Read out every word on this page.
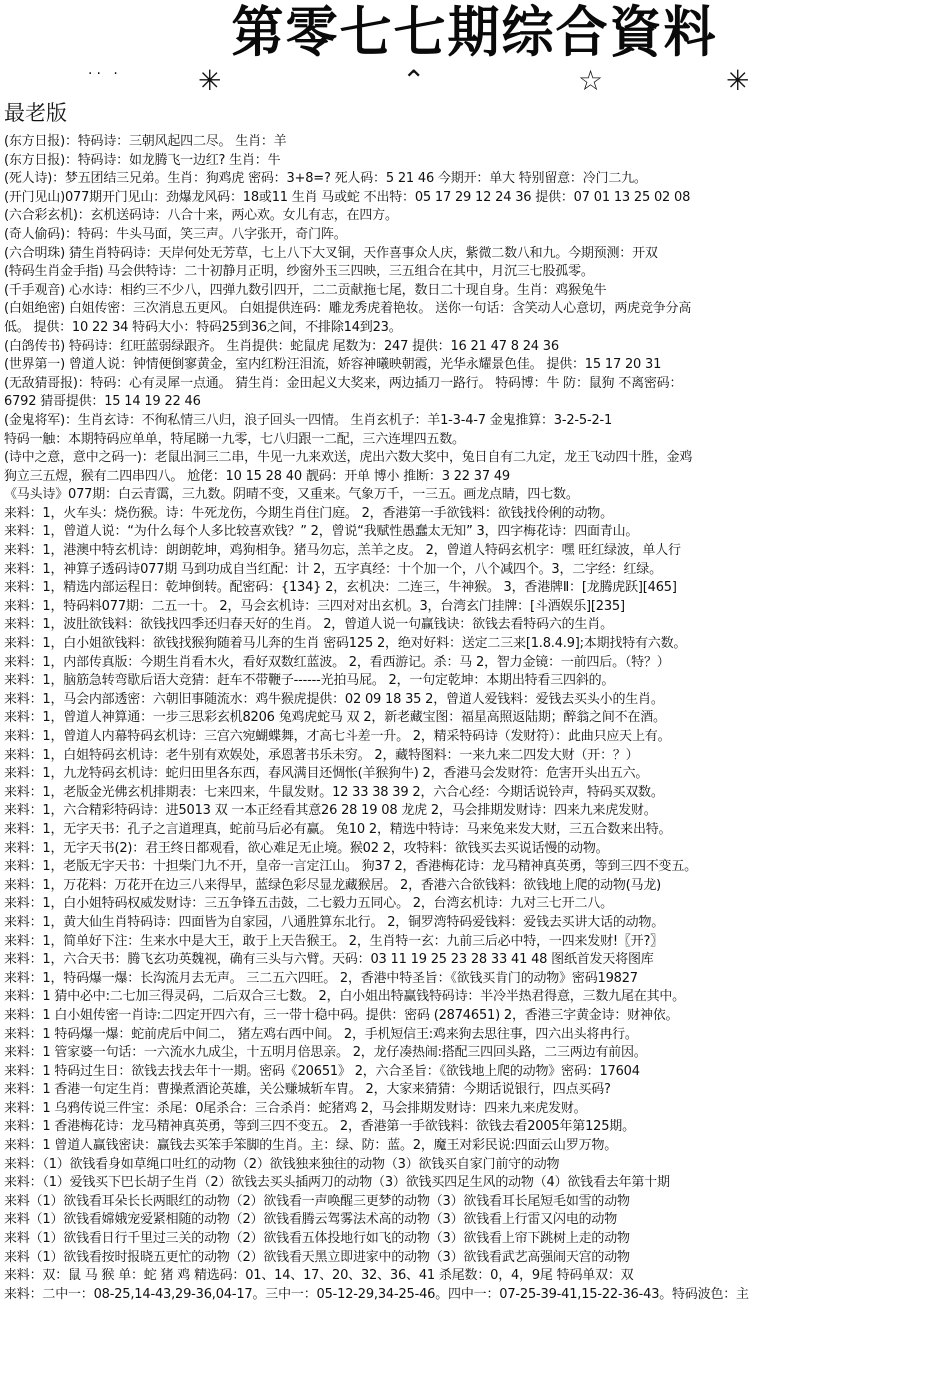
第零七七期综合資料
·· ·	✳	⌃	☆	✳
最老版
(东方日报)：特码诗：三朝风起四二尽。 生肖：羊
(东方日报)：特码诗：如龙腾飞一边红? 生肖：牛
(死人诗)：梦五团结三兄弟。生肖：狗鸡虎 密码：3+8=? 死人码：5 21 46 今期开：单大 特别留意：冷门二九。
(开门见山)077期开门见山：劲爆龙风码：18或11 生肖 马或蛇 不出特：05 17 29 12 24 36 提供：07 01 13 25 02 08
(六合彩玄机)：玄机送码诗：八合十来，两心欢。女儿有志，在四方。
(奇人偷码)：特码：牛头马面，笑三声。八字张开，奇门阵。
(六合明珠) 猜生肖特码诗：天岸何处无芳草，七上八下大叉铜，天作喜事众人庆，紫微二数八和九。今期预测：开双
(特码生肖金手指) 马会供特诗：二十初静月正明，纱窗外玉三四映，三五组合在其中，月沉三七股孤零。
(千手观音) 心水诗：相约三不少八，四弹九数引四开，二二贡献拖七尾，数日二十现自身。生肖：鸡猴兔牛
(白姐绝密) 白姐传密：三次消息五更风。 白姐提供连码：雕龙秀虎着艳妆。 送你一句话：含笑动人心意切，两虎竞争分高
低。 提供：10 22 34 特码大小：特码25到36之间，不排除14到23。
(白鸽传书) 特码诗：红旺蓝弱绿跟齐。 生肖提供：蛇鼠虎 尾数为：247 提供：16 21 47 8 24 36
(世界第一) 曾道人说：钟情便倒寥黄金，室内红粉汪泪流，娇容神曦映朝霞，光华永耀景色佳。 提供：15 17 20 31
(无敌猜哥报)：特码：心有灵犀一点通。 猜生肖：金田起义大奖来，两边插刀一路行。 特码博：牛 防：鼠狗 不离密码：
6792 猜哥提供：15 14 19 22 46
(金鬼将军)：生肖玄诗：不徇私情三八归，浪子回头一四情。 生肖玄机子：羊1-3-4-7 金鬼推算：3-2-5-2-1
特码一触：本期特码应单单，特尾睇一九零，七八归跟一二配，三六连埋四五数。
(诗中之意，意中之码一)：老鼠出洞三二串，牛见一九来欢送，虎出六数大奖中，兔日自有二九定，龙王飞动四十胜，金鸡
狗立三五煜，猴有二四串四八。 尬佬：10 15 28 40 靓码：开单 博小 推断：3 22 37 49
《马头诗》077期：白云青霭，三九数。阴晴不变，又重来。气象万千，一三五。画龙点睛，四七数。
来料：1，火车头：烧伤猴。诗：牛死龙伤，今期生肖住门庭。 2，香港第一手欲钱料：欲钱找伶俐的动物。
来料：1，曾道人说：“为什么每个人多比较喜欢钱？” 2，曾说“我赋性愚蠢太无知” 3，四字梅花诗：四面青山。
来料：1，港澳中特玄机诗：朗朗乾坤，鸡狗相争。猪马勿忘，羔羊之皮。 2，曾道人特码玄机字：嘿 旺红绿波，单人行
来料：1，神算子透码诗077期 马到功成自当红配：计 2，五字真经：十个加一个，八个减四个。3，二字经：红绿。
来料：1，精选内部运程日：乾坤倒转。配密码：{134} 2，玄机决：二连三，牛神猴。 3，香港牌Ⅱ：[龙腾虎跃][465]
来料：1，特码料077期：二五一十。 2，马会玄机诗：三四对对出玄机。3，台湾玄门挂牌：[斗酒娱乐][235]
来料：1，波肚欲钱料：欲钱找四季还归春天好的生肖。 2，曾道人说一句赢钱诀：欲钱去看特码六的生肖。
来料：1，白小姐欲钱料：欲钱找猴狗随着马儿奔的生肖 密码125 2，绝对好料：送定二三来[1.8.4.9];本期找特有六数。
来料：1，内部传真版：今期生肖看木火，看好双数红蓝波。 2，看西游记。杀：马 2，智力金镜：一前四后。（特？）
来料：1，脑筋急转弯歇后语大竞猜：赶车不带鞭子------光拍马屁。 2，一句定乾坤：本期出特看三四斜的。
来料：1，马会内部透密：六朝旧事随流水：鸡牛猴虎提供：02 09 18 35 2，曾道人爱钱料：爱钱去买头小的生肖。
来料：1，曾道人神算通：一步三思彩玄机8206 兔鸡虎蛇马 双 2，新老藏宝图：福星高照返陆期；醉翁之间不在酒。
来料：1，曾道人内幕特码玄机诗：三宫六宛蝴蝶舞，才高七斗差一升。 2，精采特码诗（发财符）：此曲只应天上有。
来料：1，白姐特码玄机诗：老牛别有欢娱处，承恩著书乐未穷。 2，藏特图料：一来九来二四发大财（开：？）
来料：1，九龙特码玄机诗：蛇归田里各东西，春风满目还惆怅(羊猴狗牛) 2，香港马会发财符：危害开头出五六。
来料：1，老版金光佛玄机排期表：七来四来，牛鼠发财。12 33 38 39 2，六合心经：今期话说铃声，特码买双数。
来料：1，六合精彩特码诗：进5013 双 一本正经看其意26 28 19 08 龙虎 2，马会排期发财诗：四来九来虎发财。
来料：1，无字天书：孔子之言道理真，蛇前马后必有赢。 兔10 2，精选中特诗：马来兔来发大财，三五合数来出特。
来料：1，无字天书(2)：君王终日都观看，欲心难足无止境。猴02 2，攻特料：欲钱买去买说话慢的动物。
来料：1，老版无字天书：十担柴门九不开，皇帝一言定江山。 狗37 2，香港梅花诗：龙马精神真英勇，等到三四不变五。
来料：1，万花料：万花开在边三八来得早，蓝绿色彩尽显龙藏猴居。 2，香港六合欲钱料：欲钱地上爬的动物(马龙)
来料：1，白小姐特码权威发财诗：三五争锋五击鼓，二七毅力五同心。 2，台湾玄机诗：九对三七开二八。
来料：1，黄大仙生肖特码诗：四面皆为自家园，八通胜算东北行。 2，铜罗湾特码爱钱料：爱钱去买讲大话的动物。
来料：1，简单好下注：生来水中是大王，敢于上天告猴王。 2，生肖特一玄：九前三后必中特，一四来发财!〖开?〗
来料：1，六合天书：腾飞玄功英魏视，确有三头与六臂。天码：03 11 19 25 23 28 33 41 48 图纸首发天将图库
来料：1，特码爆一爆：长沟流月去无声。 三二五六四旺。 2，香港中特圣旨：《欲钱买肯门的动物》密码19827
来料：1 猜中必中:二七加三得灵码，二后双合三七数。 2，白小姐出特赢钱特码诗：半冷半热君得意，三数九尾在其中。
来料：1 白小姐传密一肖诗:二四定开四六有，三一带十稳中码。提供：密码 (2874651) 2，香港三字黄金诗：财神依。
来料：1 特码爆一爆：蛇前虎后中间二， 猪左鸡右西中间。 2，手机短信王:鸡来狗去思往事，四六出头将冉行。
来料：1 管家婆一句话：一六流水九成尘，十五明月倍思亲。 2，龙仔凑热闹:搭配三四回头路，二三两边有前因。
来料：1 特码过生日：欲钱去找去年十一期。密码《20651》 2，六合圣旨：《欲钱地上爬的动物》密码：17604
来料：1 香港一句定生肖：曹操煮酒论英雄，关公赚城斩车胄。 2，大家来猜猜：今期话说银行，四点买码?
来料：1 乌鸦传说三件宝：杀尾：0尾杀合：三合杀肖：蛇猪鸡 2，马会排期发财诗：四来九来虎发财。
来料：1 香港梅花诗：龙马精神真英勇，等到三四不变五。 2，香港第一手欲钱料：欲钱去看2005年第125期。
来料：1 曾道人赢钱密诀：赢钱去买笨手笨脚的生肖。主：绿、防：蓝。2，魔王对彩民说:四面云山罗万物。
来料：（1）欲钱看身如草绳口吐红的动物（2）欲钱独来独往的动物（3）欲钱买自家门前守的动物
来料：（1）爱钱买下巴长胡子生肖（2）欲钱去买头插两刀的动物（3）欲钱买四足生风的动物（4）欲钱看去年第十期
来料（1）欲钱看耳朵长长两眼红的动物（2）欲钱看一声唤醒三更梦的动物（3）欲钱看耳长尾短毛如雪的动物
来料（1）欲钱看嫦娥宠爱紧相随的动物（2）欲钱看腾云驾雾法术高的动物（3）欲钱看上行雷又闪电的动物
来料（1）欲钱看日行千里过三关的动物（2）欲钱看五体投地行如飞的动物（3）欲钱看上帘下跳树上走的动物
来料（1）欲钱看按时报晓五更忙的动物（2）欲钱看天黑立即进家中的动物（3）欲钱看武艺高强闹天宫的动物
来料：双：鼠 马 猴 单：蛇 猪 鸡 精选码：01、14、17、20、32、36、41 杀尾数：0，4，9尾 特码单双：双
来料：二中一：08-25,14-43,29-36,04-17。三中一：05-12-29,34-25-46。四中一：07-25-39-41,15-22-36-43。特码波色：主
